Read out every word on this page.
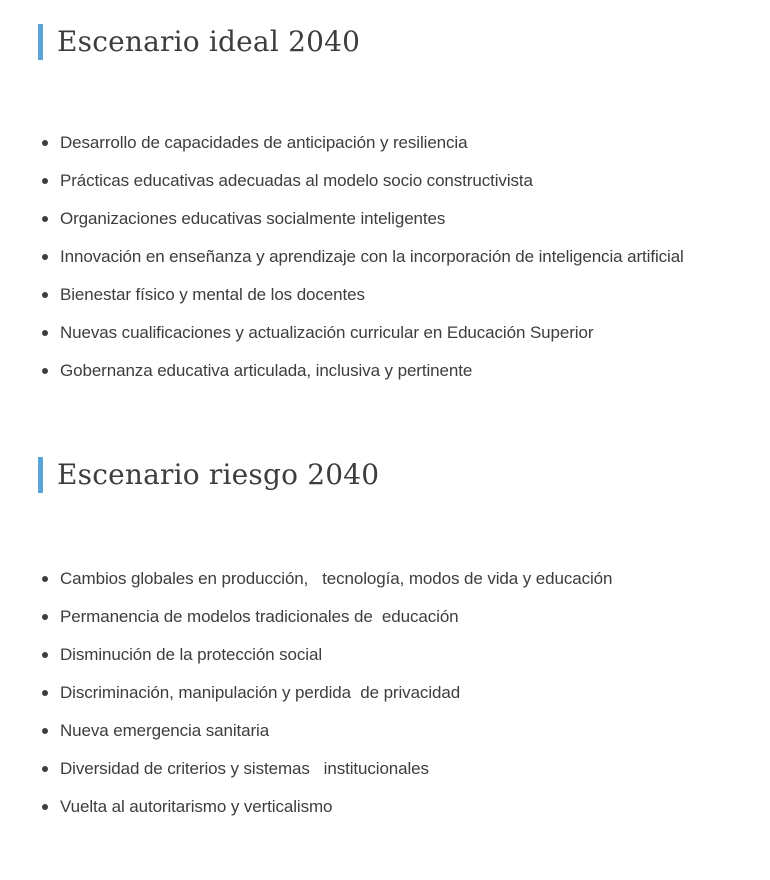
Escenario ideal 2040
Desarrollo de capacidades de anticipación y resiliencia
Prácticas educativas adecuadas al modelo socio constructivista
Organizaciones educativas socialmente inteligentes
Innovación en enseñanza y aprendizaje con la incorporación de inteligencia artificial
Bienestar físico y mental de los docentes
Nuevas cualificaciones y actualización curricular en Educación Superior
Gobernanza educativa articulada, inclusiva y pertinente
Escenario riesgo 2040
Cambios globales en producción,   tecnología, modos de vida y educación
Permanencia de modelos tradicionales de  educación
Disminución de la protección social
Discriminación, manipulación y perdida  de privacidad
Nueva emergencia sanitaria
Diversidad de criterios y sistemas   institucionales
Vuelta al autoritarismo y verticalismo
